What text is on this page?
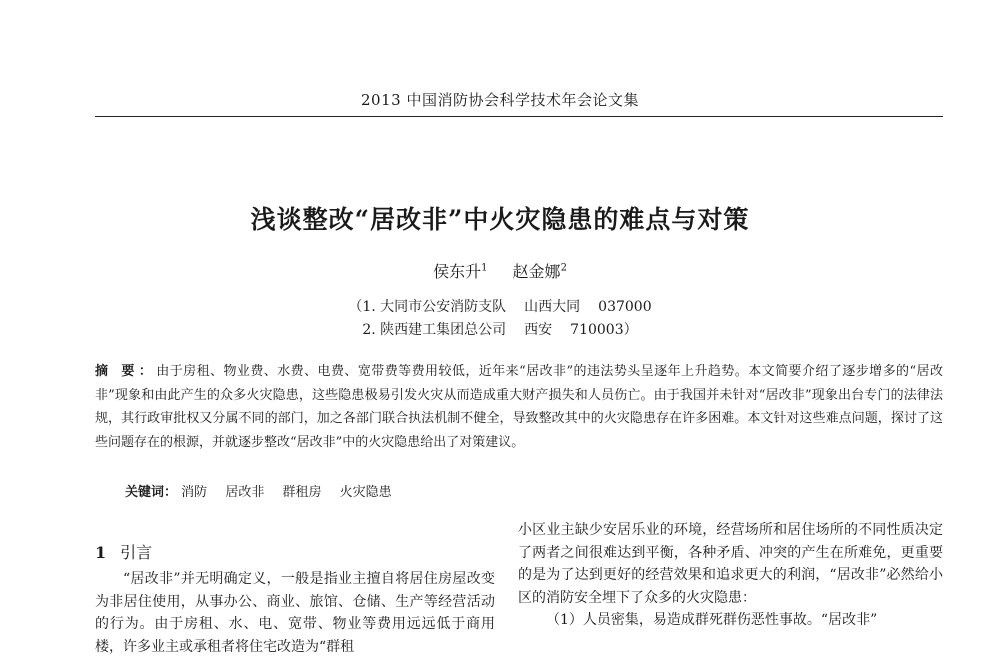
2013 中国消防协会科学技术年会论文集
浅谈整改“居改非”中火灾隐患的难点与对策
侯东升$^1$ 赵金娜$^2$
（1. 大同市公安消防支队 山西大同 037000
2. 陕西建工集团总公司 西安 710003）
摘 要：由于房租、物业费、水费、电费、宽带费等费用较低，近年来“居改非”的违法势头呈逐年上升趋势。本文简要介绍了逐步增多的“居改非”现象和由此产生的众多火灾隐患，这些隐患极易引发火灾从而造成重大财产损失和人员伤亡。由于我国并未针对“居改非”现象出台专门的法律法规，其行政审批权又分属不同的部门，加之各部门联合执法机制不健全，导致整改其中的火灾隐患存在许多困难。本文针对这些难点问题，探讨了这些问题存在的根源，并就逐步整改“居改非”中的火灾隐患给出了对策建议。
关键词： 消防 居改非 群租房 火灾隐患
1 引言

“居改非”并无明确定义，一般是指业主擅自将居住房屋改变为非居住使用，从事办公、商业、旅馆、仓储、生产等经营活动的行为。由于房租、水、电、宽带、物业等费用远远低于商用楼，许多业主或承租者将住宅改造为“群租

小区业主缺少安居乐业的环境，经营场所和居住场所的不同性质决定了两者之间很难达到平衡，各种矛盾、冲突的产生在所难免，更重要的是为了达到更好的经营效果和追求更大的利润，“居改非”必然给小区的消防安全埋下了众多的火灾隐患：

（1）人员密集，易造成群死群伤恶性事故。“居改非”
